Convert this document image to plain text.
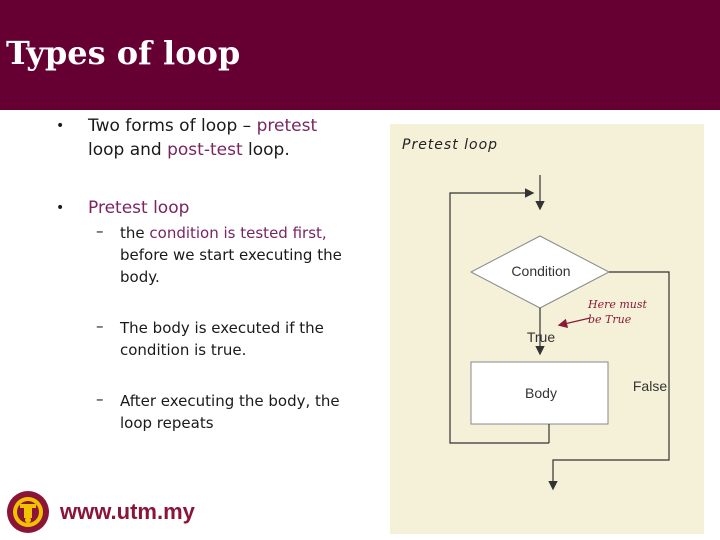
Types of loop
• Two forms of loop – pretest
loop and post-test loop.
• Pretest loop
– the condition is tested first,
before we start executing the
body.
– The body is executed if the
condition is true.
– After executing the body, the
loop repeats
Pretest loop
Condition
True
Body	False
Here must
be True
www.utm.my
